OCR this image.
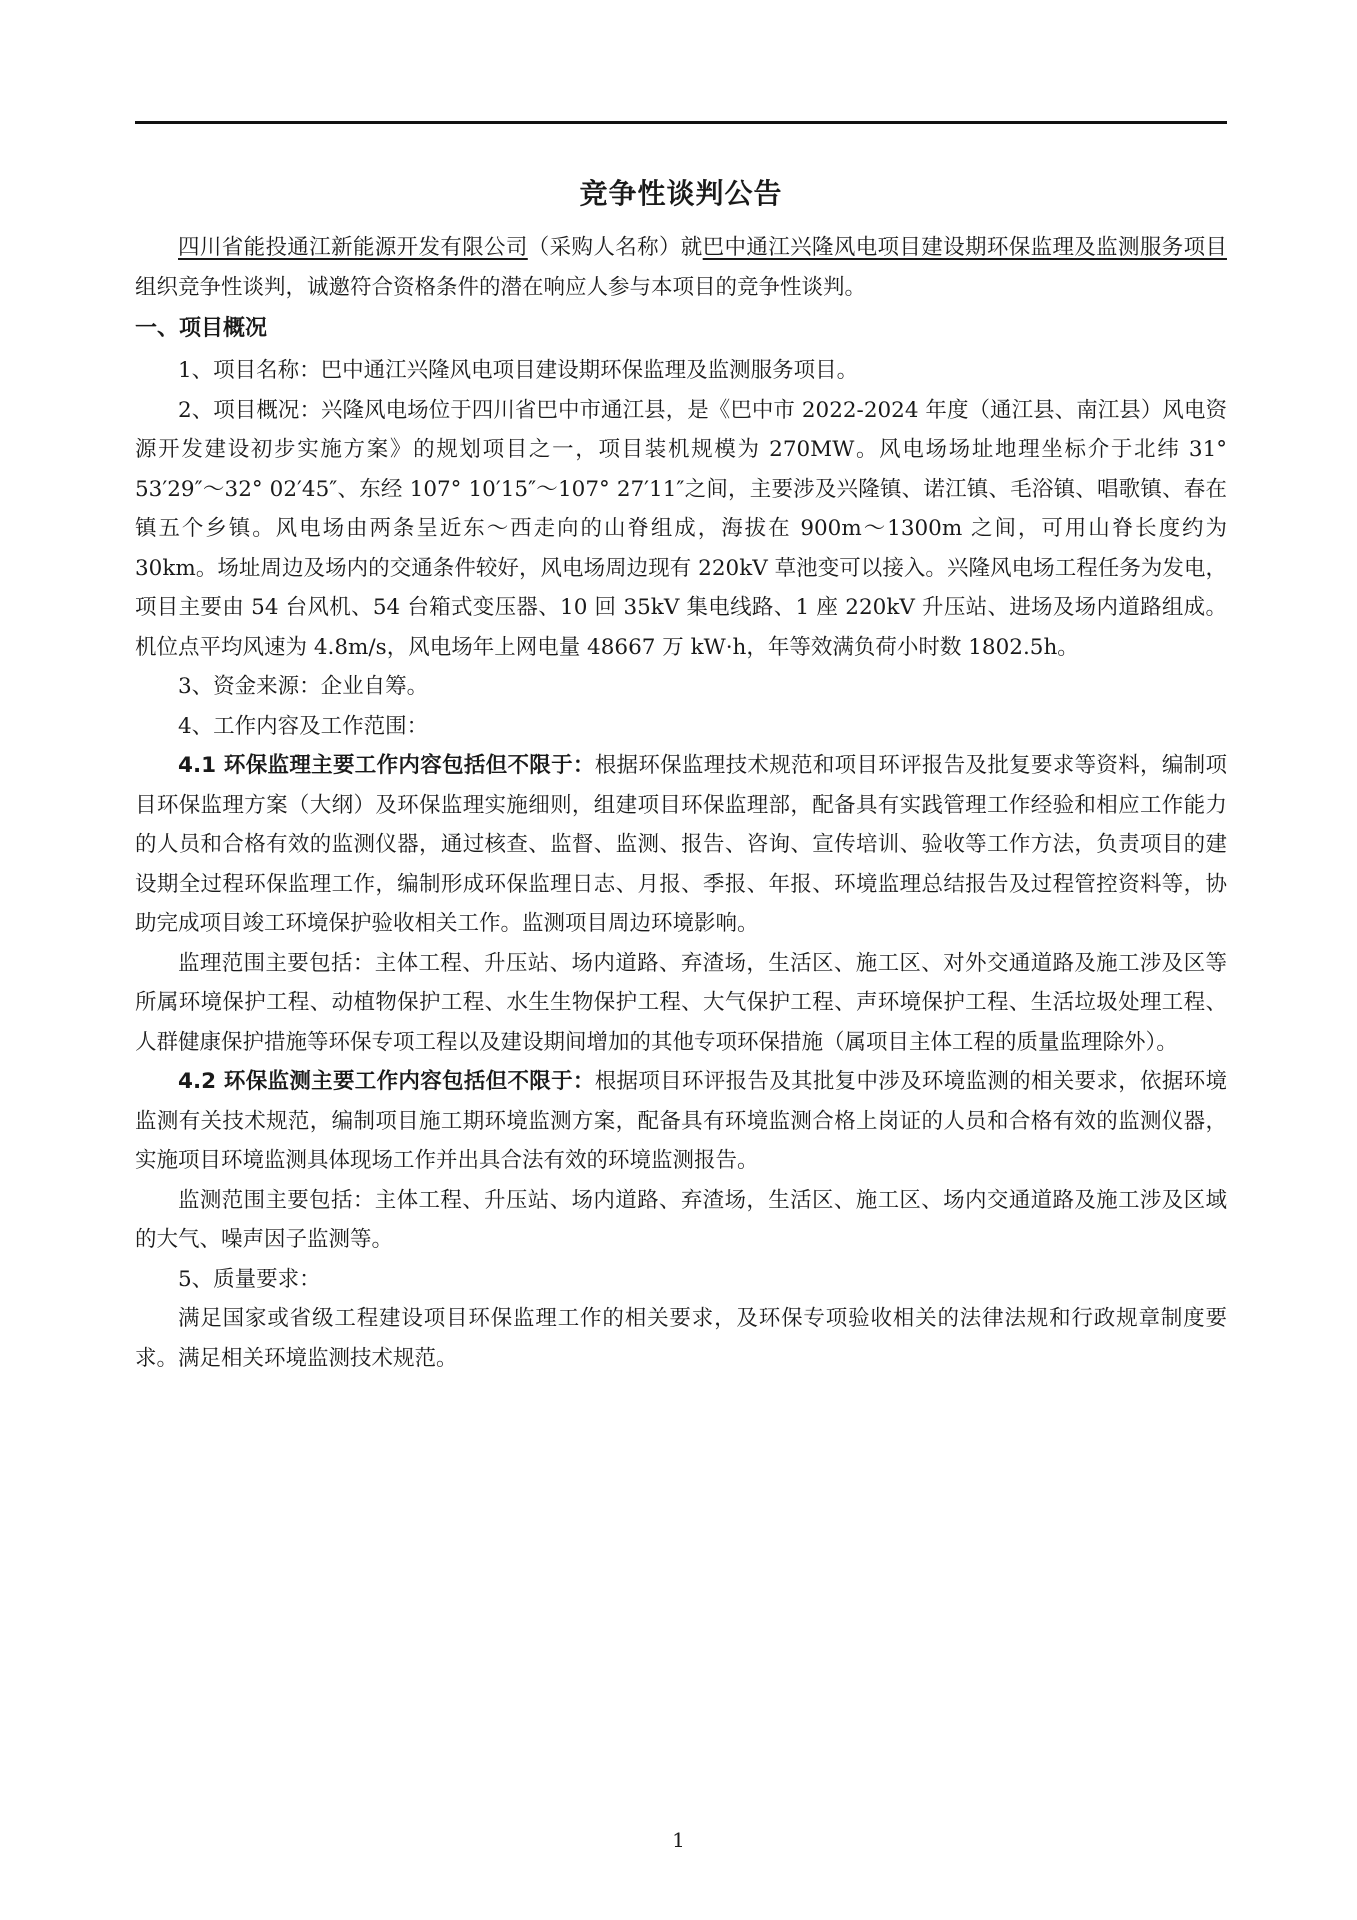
竞争性谈判公告

四川省能投通江新能源开发有限公司（采购人名称）就巴中通江兴隆风电项目建设期环保监理及监测服务项目组织竞争性谈判，诚邀符合资格条件的潜在响应人参与本项目的竞争性谈判。

一、项目概况

1、项目名称：巴中通江兴隆风电项目建设期环保监理及监测服务项目。

2、项目概况：兴隆风电场位于四川省巴中市通江县，是《巴中市 2022-2024 年度（通江县、南江县）风电资源开发建设初步实施方案》的规划项目之一，项目装机规模为 270MW。风电场场址地理坐标介于北纬 31° 53′29″～32° 02′45″、东经 107° 10′15″～107° 27′11″之间，主要涉及兴隆镇、诺江镇、毛浴镇、唱歌镇、春在镇五个乡镇。风电场由两条呈近东～西走向的山脊组成，海拔在 900m～1300m 之间，可用山脊长度约为 30km。场址周边及场内的交通条件较好，风电场周边现有 220kV 草池变可以接入。兴隆风电场工程任务为发电，项目主要由 54 台风机、54 台箱式变压器、10 回 35kV 集电线路、1 座 220kV 升压站、进场及场内道路组成。机位点平均风速为 4.8m/s，风电场年上网电量 48667 万 kW·h，年等效满负荷小时数 1802.5h。

3、资金来源：企业自筹。

4、工作内容及工作范围：

4.1 环保监理主要工作内容包括但不限于：根据环保监理技术规范和项目环评报告及批复要求等资料，编制项目环保监理方案（大纲）及环保监理实施细则，组建项目环保监理部，配备具有实践管理工作经验和相应工作能力的人员和合格有效的监测仪器，通过核查、监督、监测、报告、咨询、宣传培训、验收等工作方法，负责项目的建设期全过程环保监理工作，编制形成环保监理日志、月报、季报、年报、环境监理总结报告及过程管控资料等，协助完成项目竣工环境保护验收相关工作。监测项目周边环境影响。

监理范围主要包括：主体工程、升压站、场内道路、弃渣场，生活区、施工区、对外交通道路及施工涉及区等所属环境保护工程、动植物保护工程、水生生物保护工程、大气保护工程、声环境保护工程、生活垃圾处理工程、人群健康保护措施等环保专项工程以及建设期间增加的其他专项环保措施（属项目主体工程的质量监理除外）。

4.2 环保监测主要工作内容包括但不限于：根据项目环评报告及其批复中涉及环境监测的相关要求，依据环境监测有关技术规范，编制项目施工期环境监测方案，配备具有环境监测合格上岗证的人员和合格有效的监测仪器，实施项目环境监测具体现场工作并出具合法有效的环境监测报告。

监测范围主要包括：主体工程、升压站、场内道路、弃渣场，生活区、施工区、场内交通道路及施工涉及区域的大气、噪声因子监测等。

5、质量要求：

满足国家或省级工程建设项目环保监理工作的相关要求，及环保专项验收相关的法律法规和行政规章制度要求。满足相关环境监测技术规范。

1
